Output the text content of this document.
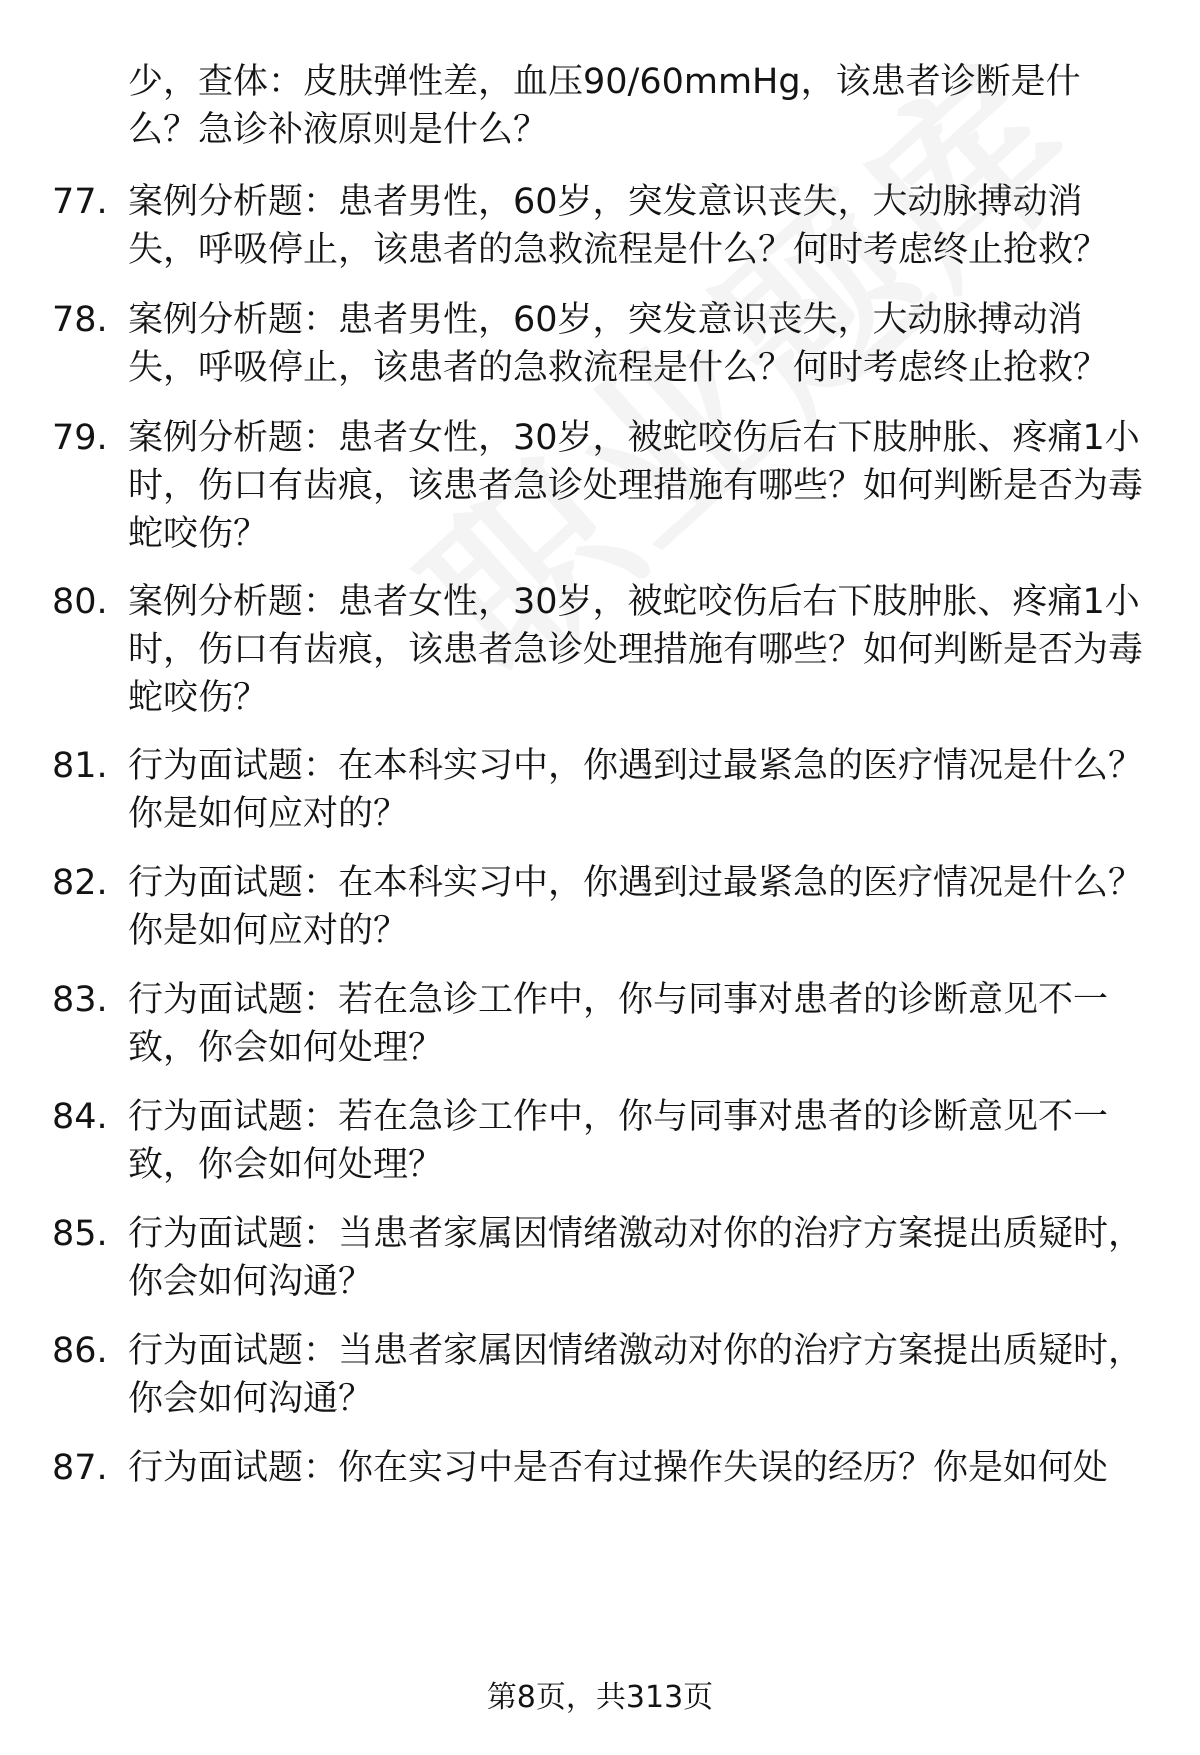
少，查体：皮肤弹性差，血压90/60mmHg，该患者诊断是什么？急诊补液原则是什么？

77. 案例分析题：患者男性，60岁，突发意识丧失，大动脉搏动消失，呼吸停止，该患者的急救流程是什么？何时考虑终止抢救？

78. 案例分析题：患者男性，60岁，突发意识丧失，大动脉搏动消失，呼吸停止，该患者的急救流程是什么？何时考虑终止抢救？

79. 案例分析题：患者女性，30岁，被蛇咬伤后右下肢肿胀、疼痛1小时，伤口有齿痕，该患者急诊处理措施有哪些？如何判断是否为毒蛇咬伤？

80. 案例分析题：患者女性，30岁，被蛇咬伤后右下肢肿胀、疼痛1小时，伤口有齿痕，该患者急诊处理措施有哪些？如何判断是否为毒蛇咬伤？

81. 行为面试题：在本科实习中，你遇到过最紧急的医疗情况是什么？你是如何应对的？

82. 行为面试题：在本科实习中，你遇到过最紧急的医疗情况是什么？你是如何应对的？

83. 行为面试题：若在急诊工作中，你与同事对患者的诊断意见不一致，你会如何处理？

84. 行为面试题：若在急诊工作中，你与同事对患者的诊断意见不一致，你会如何处理？

85. 行为面试题：当患者家属因情绪激动对你的治疗方案提出质疑时，你会如何沟通？

86. 行为面试题：当患者家属因情绪激动对你的治疗方案提出质疑时，你会如何沟通？

87. 行为面试题：你在实习中是否有过操作失误的经历？你是如何处

第8页，共313页
